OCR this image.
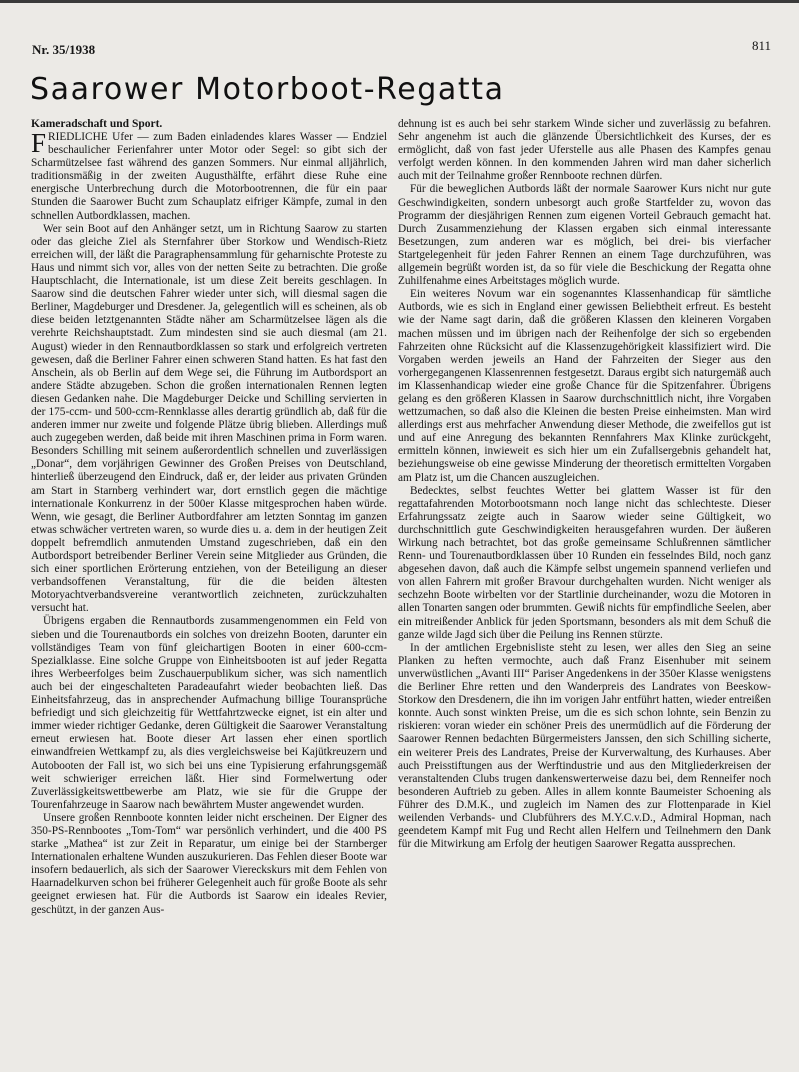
Nr. 35/1938	811
Saarower Motorboot-Regatta
Kameradschaft und Sport.

FRIEDLICHE Ufer — zum Baden einladendes klares Wasser — Endziel beschaulicher Ferienfahrer unter Motor oder Segel: so gibt sich der Scharmützelsee fast während des ganzen Sommers. Nur einmal alljährlich, traditionsmäßig in der zweiten Augusthälfte, erfährt diese Ruhe eine energische Unterbrechung durch die Motorbootrennen, die für ein paar Stunden die Saarower Bucht zum Schauplatz eifriger Kämpfe, zumal in den schnellen Autbordklassen, machen.

Wer sein Boot auf den Anhänger setzt, um in Richtung Saarow zu starten oder das gleiche Ziel als Sternfahrer über Storkow und Wendisch-Rietz erreichen will, der läßt die Paragraphensammlung für geharnischte Proteste zu Haus und nimmt sich vor, alles von der netten Seite zu betrachten. Die große Hauptschlacht, die Internationale, ist um diese Zeit bereits geschlagen. In Saarow sind die deutschen Fahrer wieder unter sich, will diesmal sagen die Berliner, Magdeburger und Dresdener. Ja, gelegentlich will es scheinen, als ob diese beiden letztgenannten Städte näher am Scharmützelsee lägen als die verehrte Reichshauptstadt. Zum mindesten sind sie auch diesmal (am 21. August) wieder in den Rennautbordklassen so stark und erfolgreich vertreten gewesen, daß die Berliner Fahrer einen schweren Stand hatten. Es hat fast den Anschein, als ob Berlin auf dem Wege sei, die Führung im Autbordsport an andere Städte abzugeben. Schon die großen internationalen Rennen legten diesen Gedanken nahe. Die Magdeburger Deicke und Schilling servierten in der 175-ccm- und 500-ccm-Rennklasse alles derartig gründlich ab, daß für die anderen immer nur zweite und folgende Plätze übrig blieben. Allerdings muß auch zugegeben werden, daß beide mit ihren Maschinen prima in Form waren. Besonders Schilling mit seinem außerordentlich schnellen und zuverlässigen „Donar“, dem vorjährigen Gewinner des Großen Preises von Deutschland, hinterließ überzeugend den Eindruck, daß er, der leider aus privaten Gründen am Start in Starnberg verhindert war, dort ernstlich gegen die mächtige internationale Konkurrenz in der 500er Klasse mitgesprochen haben würde. Wenn, wie gesagt, die Berliner Autbordfahrer am letzten Sonntag im ganzen etwas schwächer vertreten waren, so wurde dies u. a. dem in der heutigen Zeit doppelt befremdlich anmutenden Umstand zugeschrieben, daß ein den Autbordsport betreibender Berliner Verein seine Mitglieder aus Gründen, die sich einer sportlichen Erörterung entziehen, von der Beteiligung an dieser verbandsoffenen Veranstaltung, für die die beiden ältesten Motoryachtverbandsvereine verantwortlich zeichneten, zurückzuhalten versucht hat.

Übrigens ergaben die Rennautbords zusammengenommen ein Feld von sieben und die Tourenautbords ein solches von dreizehn Booten, darunter ein vollständiges Team von fünf gleichartigen Booten in einer 600-ccm-Spezialklasse. Eine solche Gruppe von Einheitsbooten ist auf jeder Regatta ihres Werbeerfolges beim Zuschauerpublikum sicher, was sich namentlich auch bei der eingeschalteten Paradeaufahrt wieder beobachten ließ. Das Einheitsfahrzeug, das in ansprechender Aufmachung billige Touransprüche befriedigt und sich gleichzeitig für Wettfahrtzwecke eignet, ist ein alter und immer wieder richtiger Gedanke, deren Gültigkeit die Saarower Veranstaltung erneut erwiesen hat. Boote dieser Art lassen eher einen sportlich einwandfreien Wettkampf zu, als dies vergleichsweise bei Kajütkreuzern und Autobooten der Fall ist, wo sich bei uns eine Typisierung erfahrungsgemäß weit schwieriger erreichen läßt. Hier sind Formelwertung oder Zuverlässigkeitswettbewerbe am Platz, wie sie für die Gruppe der Tourenfahrzeuge in Saarow nach bewährtem Muster angewendet wurden.

Unsere großen Rennboote konnten leider nicht erscheinen. Der Eigner des 350-PS-Rennbootes „Tom-Tom“ war persönlich verhindert, und die 400 PS starke „Mathea“ ist zur Zeit in Reparatur, um einige bei der Starnberger Internationalen erhaltene Wunden auszukurieren. Das Fehlen dieser Boote war insofern bedauerlich, als sich der Saarower Viereckskurs mit dem Fehlen von Haarnadelkurven schon bei früherer Gelegenheit auch für große Boote als sehr geeignet erwiesen hat. Für die Autbords ist Saarow ein ideales Revier, geschützt, in der ganzen Aus-

dehnung ist es auch bei sehr starkem Winde sicher und zuverlässig zu befahren. Sehr angenehm ist auch die glänzende Übersichtlichkeit des Kurses, der es ermöglicht, daß von fast jeder Uferstelle aus alle Phasen des Kampfes genau verfolgt werden können. In den kommenden Jahren wird man daher sicherlich auch mit der Teilnahme großer Rennboote rechnen dürfen.

Für die beweglichen Autbords läßt der normale Saarower Kurs nicht nur gute Geschwindigkeiten, sondern unbesorgt auch große Startfelder zu, wovon das Programm der diesjährigen Rennen zum eigenen Vorteil Gebrauch gemacht hat. Durch Zusammenziehung der Klassen ergaben sich einmal interessante Besetzungen, zum anderen war es möglich, bei drei- bis vierfacher Startgelegenheit für jeden Fahrer Rennen an einem Tage durchzuführen, was allgemein begrüßt worden ist, da so für viele die Beschickung der Regatta ohne Zuhilfenahme eines Arbeitstages möglich wurde.

Ein weiteres Novum war ein sogenanntes Klassenhandicap für sämtliche Autbords, wie es sich in England einer gewissen Beliebtheit erfreut. Es besteht wie der Name sagt darin, daß die größeren Klassen den kleineren Vorgaben machen müssen und im übrigen nach der Reihenfolge der sich so ergebenden Fahrzeiten ohne Rücksicht auf die Klassenzugehörigkeit klassifiziert wird. Die Vorgaben werden jeweils an Hand der Fahrzeiten der Sieger aus den vorhergegangenen Klassenrennen festgesetzt. Daraus ergibt sich naturgemäß auch im Klassenhandicap wieder eine große Chance für die Spitzenfahrer. Übrigens gelang es den größeren Klassen in Saarow durchschnittlich nicht, ihre Vorgaben wettzumachen, so daß also die Kleinen die besten Preise einheimsten. Man wird allerdings erst aus mehrfacher Anwendung dieser Methode, die zweifellos gut ist und auf eine Anregung des bekannten Rennfahrers Max Klinke zurückgeht, ermitteln können, inwieweit es sich hier um ein Zufallsergebnis gehandelt hat, beziehungsweise ob eine gewisse Minderung der theoretisch ermittelten Vorgaben am Platz ist, um die Chancen auszugleichen.

Bedecktes, selbst feuchtes Wetter bei glattem Wasser ist für den regattafahrenden Motorbootsmann noch lange nicht das schlechteste. Dieser Erfahrungssatz zeigte auch in Saarow wieder seine Gültigkeit, wo durchschnittlich gute Geschwindigkeiten herausgefahren wurden. Der äußeren Wirkung nach betrachtet, bot das große gemeinsame Schlußrennen sämtlicher Renn- und Tourenautbordklassen über 10 Runden ein fesselndes Bild, noch ganz abgesehen davon, daß auch die Kämpfe selbst ungemein spannend verliefen und von allen Fahrern mit großer Bravour durchgehalten wurden. Nicht weniger als sechzehn Boote wirbelten vor der Startlinie durcheinander, wozu die Motoren in allen Tonarten sangen oder brummten. Gewiß nichts für empfindliche Seelen, aber ein mitreißender Anblick für jeden Sportsmann, besonders als mit dem Schuß die ganze wilde Jagd sich über die Peilung ins Rennen stürzte.

In der amtlichen Ergebnisliste steht zu lesen, wer alles den Sieg an seine Planken zu heften vermochte, auch daß Franz Eisenhuber mit seinem unverwüstlichen „Avanti III“ Pariser Angedenkens in der 350er Klasse wenigstens die Berliner Ehre retten und den Wanderpreis des Landrates von Beeskow-Storkow den Dresdenern, die ihn im vorigen Jahr entführt hatten, wieder entreißen konnte. Auch sonst winkten Preise, um die es sich schon lohnte, sein Benzin zu riskieren: voran wieder ein schöner Preis des unermüdlich auf die Förderung der Saarower Rennen bedachten Bürgermeisters Janssen, den sich Schilling sicherte, ein weiterer Preis des Landrates, Preise der Kurverwaltung, des Kurhauses. Aber auch Preisstiftungen aus der Werftindustrie und aus den Mitgliederkreisen der veranstaltenden Clubs trugen dankenswerterweise dazu bei, dem Renneifer noch besonderen Auftrieb zu geben. Alles in allem konnte Baumeister Schoening als Führer des D.M.K., und zugleich im Namen des zur Flottenparade in Kiel weilenden Verbands- und Clubführers des M.Y.C.v.D., Admiral Hopman, nach geendetem Kampf mit Fug und Recht allen Helfern und Teilnehmern den Dank für die Mitwirkung am Erfolg der heutigen Saarower Regatta aussprechen.
